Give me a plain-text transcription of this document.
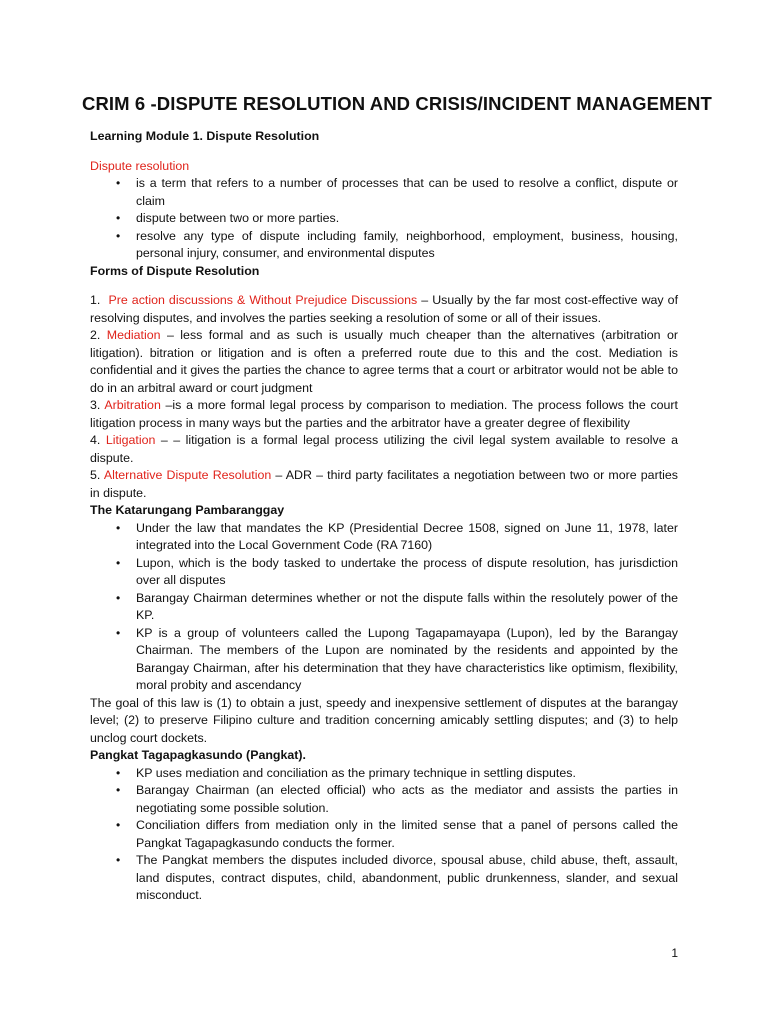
CRIM 6 -DISPUTE RESOLUTION AND CRISIS/INCIDENT MANAGEMENT
Learning Module 1. Dispute Resolution
Dispute resolution
• is a term that refers to a number of processes that can be used to resolve a conflict, dispute or claim
• dispute between two or more parties.
• resolve any type of dispute including family, neighborhood, employment, business, housing, personal injury, consumer, and environmental disputes
Forms of Dispute Resolution

1. Pre action discussions & Without Prejudice Discussions – Usually by the far most cost-effective way of resolving disputes, and involves the parties seeking a resolution of some or all of their issues.

2. Mediation – less formal and as such is usually much cheaper than the alternatives (arbitration or litigation). bitration or litigation and is often a preferred route due to this and the cost. Mediation is confidential and it gives the parties the chance to agree terms that a court or arbitrator would not be able to do in an arbitral award or court judgment

3. Arbitration –is a more formal legal process by comparison to mediation. The process follows the court litigation process in many ways but the parties and the arbitrator have a greater degree of flexibility

4. Litigation – – litigation is a formal legal process utilizing the civil legal system available to resolve a dispute.

5. Alternative Dispute Resolution – ADR – third party facilitates a negotiation between two or more parties in dispute.

The Katarungang Pambaranggay
• Under the law that mandates the KP (Presidential Decree 1508, signed on June 11, 1978, later integrated into the Local Government Code (RA 7160)
• Lupon, which is the body tasked to undertake the process of dispute resolution, has jurisdiction over all disputes
• Barangay Chairman determines whether or not the dispute falls within the resolutely power of the KP.
• KP is a group of volunteers called the Lupong Tagapamayapa (Lupon), led by the Barangay Chairman. The members of the Lupon are nominated by the residents and appointed by the Barangay Chairman, after his determination that they have characteristics like optimism, flexibility, moral probity and ascendancy

The goal of this law is (1) to obtain a just, speedy and inexpensive settlement of disputes at the barangay level; (2) to preserve Filipino culture and tradition concerning amicably settling disputes; and (3) to help unclog court dockets.

Pangkat Tagapagkasundo (Pangkat).
• KP uses mediation and conciliation as the primary technique in settling disputes.
• Barangay Chairman (an elected official) who acts as the mediator and assists the parties in negotiating some possible solution.
• Conciliation differs from mediation only in the limited sense that a panel of persons called the Pangkat Tagapagkasundo conducts the former.
• The Pangkat members the disputes included divorce, spousal abuse, child abuse, theft, assault, land disputes, contract disputes, child, abandonment, public drunkenness, slander, and sexual misconduct.
1
